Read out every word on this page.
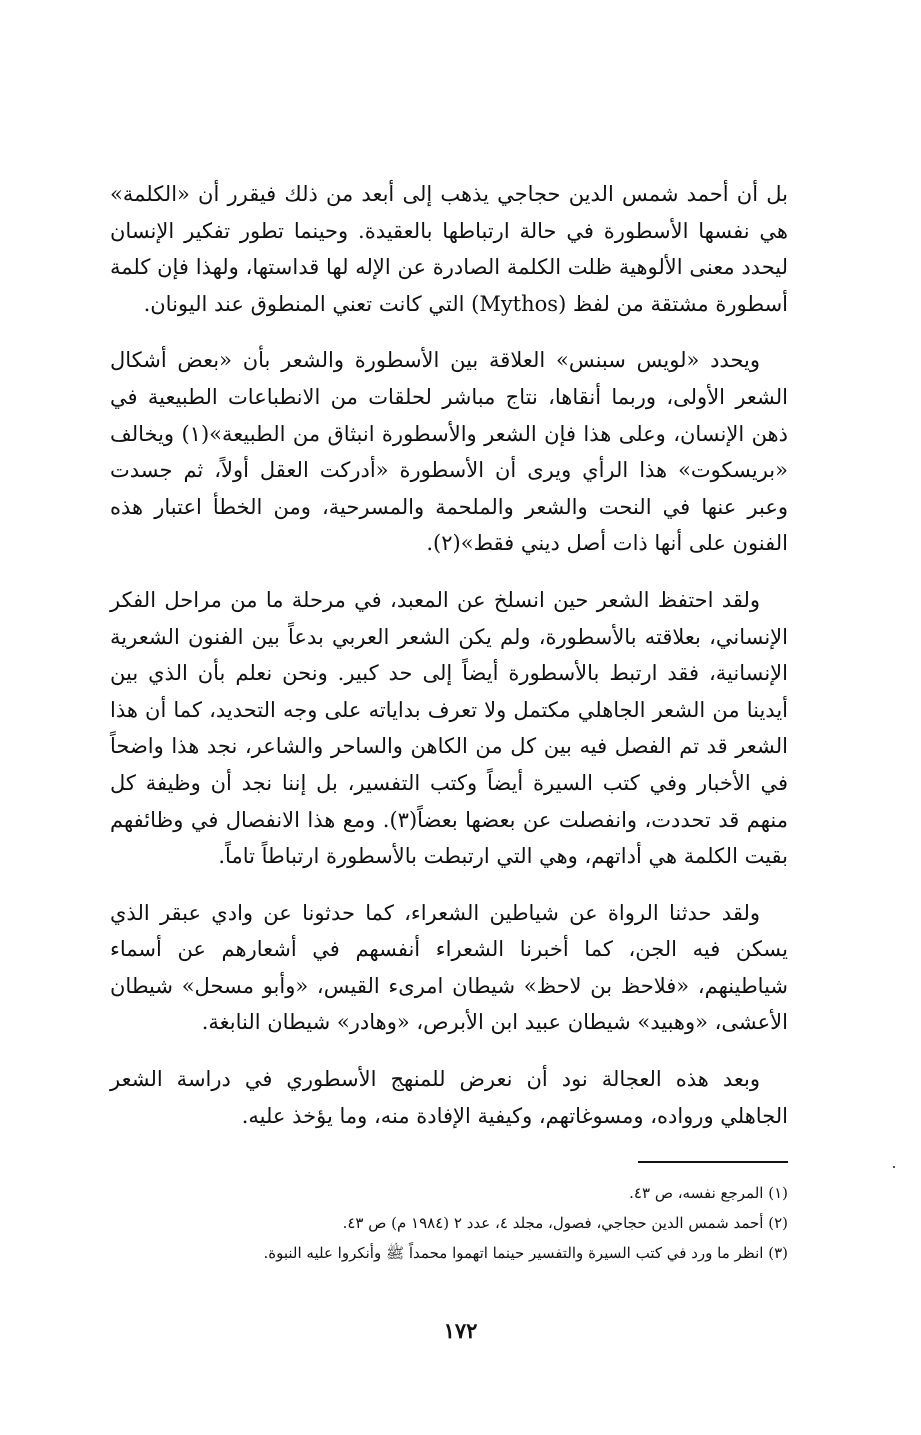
بل أن أحمد شمس الدين حجاجي يذهب إلى أبعد من ذلك فيقرر أن «الكلمة» هي نفسها الأسطورة في حالة ارتباطها بالعقيدة. وحينما تطور تفكير الإنسان ليحدد معنى الألوهية ظلت الكلمة الصادرة عن الإله لها قداستها، ولهذا فإن كلمة أسطورة مشتقة من لفظ (Mythos) التي كانت تعني المنطوق عند اليونان.

ويحدد «لويس سبنس» العلاقة بين الأسطورة والشعر بأن «بعض أشكال الشعر الأولى، وربما أنقاها، نتاج مباشر لحلقات من الانطباعات الطبيعية في ذهن الإنسان، وعلى هذا فإن الشعر والأسطورة انبثاق من الطبيعة»(١) ويخالف «بريسكوت» هذا الرأي ويرى أن الأسطورة «أدركت العقل أولاً، ثم جسدت وعبر عنها في النحت والشعر والملحمة والمسرحية، ومن الخطأ اعتبار هذه الفنون على أنها ذات أصل ديني فقط»(٢).

ولقد احتفظ الشعر حين انسلخ عن المعبد، في مرحلة ما من مراحل الفكر الإنساني، بعلاقته بالأسطورة، ولم يكن الشعر العربي بدعاً بين الفنون الشعرية الإنسانية، فقد ارتبط بالأسطورة أيضاً إلى حد كبير. ونحن نعلم بأن الذي بين أيدينا من الشعر الجاهلي مكتمل ولا تعرف بداياته على وجه التحديد، كما أن هذا الشعر قد تم الفصل فيه بين كل من الكاهن والساحر والشاعر، نجد هذا واضحاً في الأخبار وفي كتب السيرة أيضاً وكتب التفسير، بل إننا نجد أن وظيفة كل منهم قد تحددت، وانفصلت عن بعضها بعضاً(٣). ومع هذا الانفصال في وظائفهم بقيت الكلمة هي أداتهم، وهي التي ارتبطت بالأسطورة ارتباطاً تاماً.

ولقد حدثنا الرواة عن شياطين الشعراء، كما حدثونا عن وادي عبقر الذي يسكن فيه الجن، كما أخبرنا الشعراء أنفسهم في أشعارهم عن أسماء شياطينهم، «فلاحظ بن لاحظ» شيطان امرىء القيس، «وأبو مسحل» شيطان الأعشى، «وهبيد» شيطان عبيد ابن الأبرص، «وهادر» شيطان النابغة.

وبعد هذه العجالة نود أن نعرض للمنهج الأسطوري في دراسة الشعر الجاهلي ورواده، ومسوغاتهم، وكيفية الإفادة منه، وما يؤخذ عليه.

(١) المرجع نفسه، ص ٤٣.
(٢) أحمد شمس الدين حجاجي، فصول، مجلد ٤، عدد ٢ (١٩٨٤ م) ص ٤٣.
(٣) انظر ما ورد في كتب السيرة والتفسير حينما اتهموا محمداً ﷺ وأنكروا عليه النبوة.
١٧٢
